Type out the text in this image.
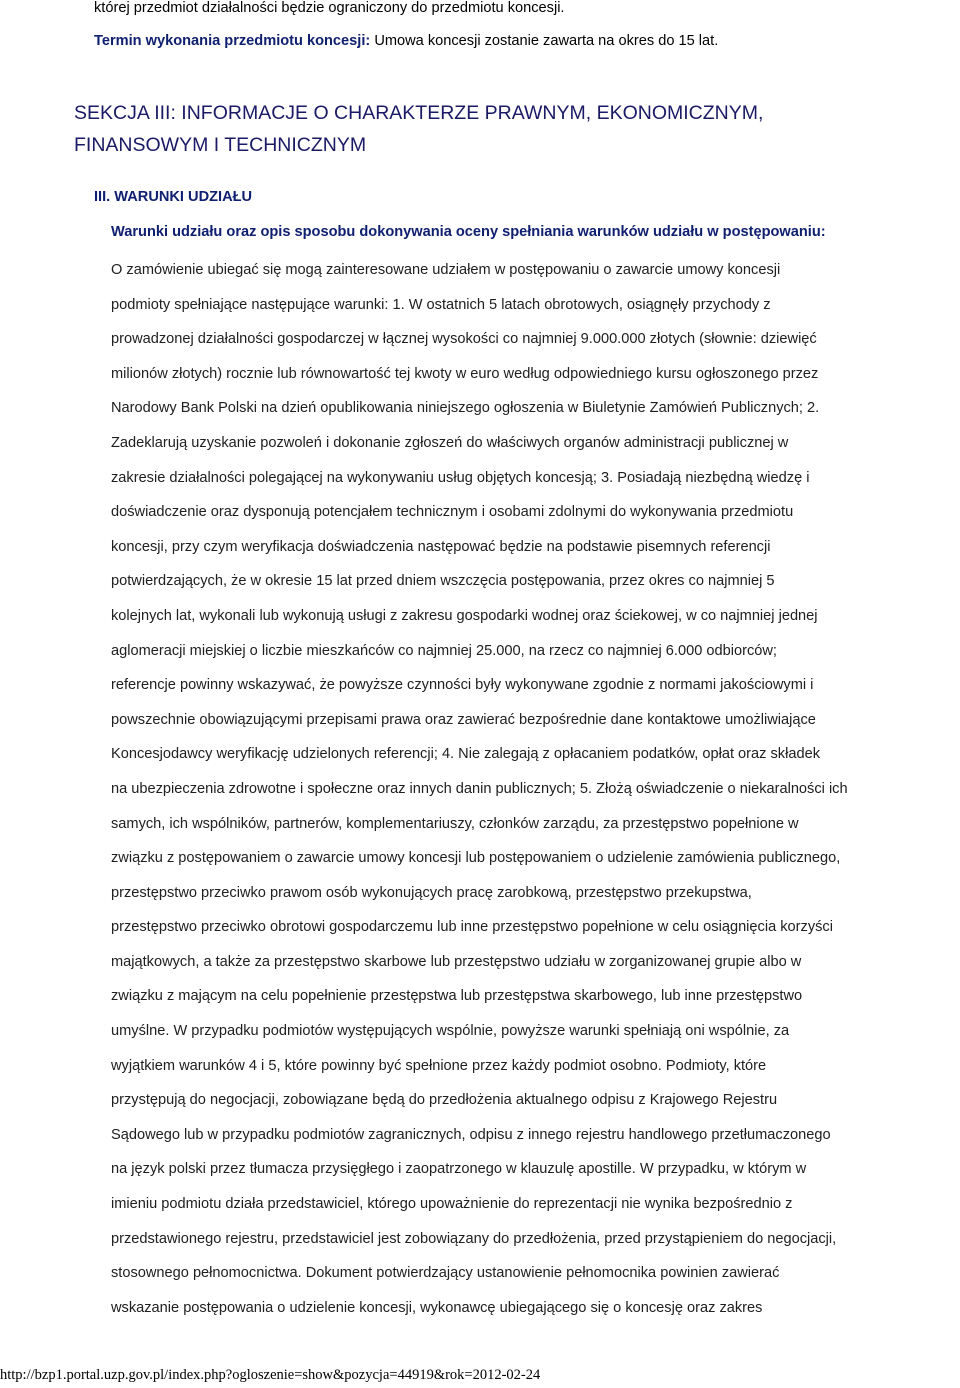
której przedmiot działalności będzie ograniczony do przedmiotu koncesji.
Termin wykonania przedmiotu koncesji: Umowa koncesji zostanie zawarta na okres do 15 lat.
SEKCJA III: INFORMACJE O CHARAKTERZE PRAWNYM, EKONOMICZNYM, FINANSOWYM I TECHNICZNYM
III. WARUNKI UDZIAŁU
Warunki udziału oraz opis sposobu dokonywania oceny spełniania warunków udziału w postępowaniu:
O zamówienie ubiegać się mogą zainteresowane udziałem w postępowaniu o zawarcie umowy koncesji
podmioty spełniające następujące warunki: 1. W ostatnich 5 latach obrotowych, osiągnęły przychody z
prowadzonej działalności gospodarczej w łącznej wysokości co najmniej 9.000.000 złotych (słownie: dziewięć
milionów złotych) rocznie lub równowartość tej kwoty w euro według odpowiedniego kursu ogłoszonego przez
Narodowy Bank Polski na dzień opublikowania niniejszego ogłoszenia w Biuletynie Zamówień Publicznych; 2.
Zadeklarują uzyskanie pozwoleń i dokonanie zgłoszeń do właściwych organów administracji publicznej w
zakresie działalności polegającej na wykonywaniu usług objętych koncesją; 3. Posiadają niezbędną wiedzę i
doświadczenie oraz dysponują potencjałem technicznym i osobami zdolnymi do wykonywania przedmiotu
koncesji, przy czym weryfikacja doświadczenia następować będzie na podstawie pisemnych referencji
potwierdzających, że w okresie 15 lat przed dniem wszczęcia postępowania, przez okres co najmniej 5
kolejnych lat, wykonali lub wykonują usługi z zakresu gospodarki wodnej oraz ściekowej, w co najmniej jednej
aglomeracji miejskiej o liczbie mieszkańców co najmniej 25.000, na rzecz co najmniej 6.000 odbiorców;
referencje powinny wskazywać, że powyższe czynności były wykonywane zgodnie z normami jakościowymi i
powszechnie obowiązującymi przepisami prawa oraz zawierać bezpośrednie dane kontaktowe umożliwiające
Koncesjodawcy weryfikację udzielonych referencji; 4. Nie zalegają z opłacaniem podatków, opłat oraz składek
na ubezpieczenia zdrowotne i społeczne oraz innych danin publicznych; 5. Złożą oświadczenie o niekaralności ich
samych, ich wspólników, partnerów, komplementariuszy, członków zarządu, za przestępstwo popełnione w
związku z postępowaniem o zawarcie umowy koncesji lub postępowaniem o udzielenie zamówienia publicznego,
przestępstwo przeciwko prawom osób wykonujących pracę zarobkową, przestępstwo przekupstwa,
przestępstwo przeciwko obrotowi gospodarczemu lub inne przestępstwo popełnione w celu osiągnięcia korzyści
majątkowych, a także za przestępstwo skarbowe lub przestępstwo udziału w zorganizowanej grupie albo w
związku z mającym na celu popełnienie przestępstwa lub przestępstwa skarbowego, lub inne przestępstwo
umyślne. W przypadku podmiotów występujących wspólnie, powyższe warunki spełniają oni wspólnie, za
wyjątkiem warunków 4 i 5, które powinny być spełnione przez każdy podmiot osobno. Podmioty, które
przystępują do negocjacji, zobowiązane będą do przedłożenia aktualnego odpisu z Krajowego Rejestru
Sądowego lub w przypadku podmiotów zagranicznych, odpisu z innego rejestru handlowego przetłumaczonego
na język polski przez tłumacza przysięgłego i zaopatrzonego w klauzulę apostille. W przypadku, w którym w
imieniu podmiotu działa przedstawiciel, którego upoważnienie do reprezentacji nie wynika bezpośrednio z
przedstawionego rejestru, przedstawiciel jest zobowiązany do przedłożenia, przed przystąpieniem do negocjacji,
stosownego pełnomocnictwa. Dokument potwierdzający ustanowienie pełnomocnika powinien zawierać
wskazanie postępowania o udzielenie koncesji, wykonawcę ubiegającego się o koncesję oraz zakres
http://bzp1.portal.uzp.gov.pl/index.php?ogloszenie=show&pozycja=44919&rok=2012-02-24
